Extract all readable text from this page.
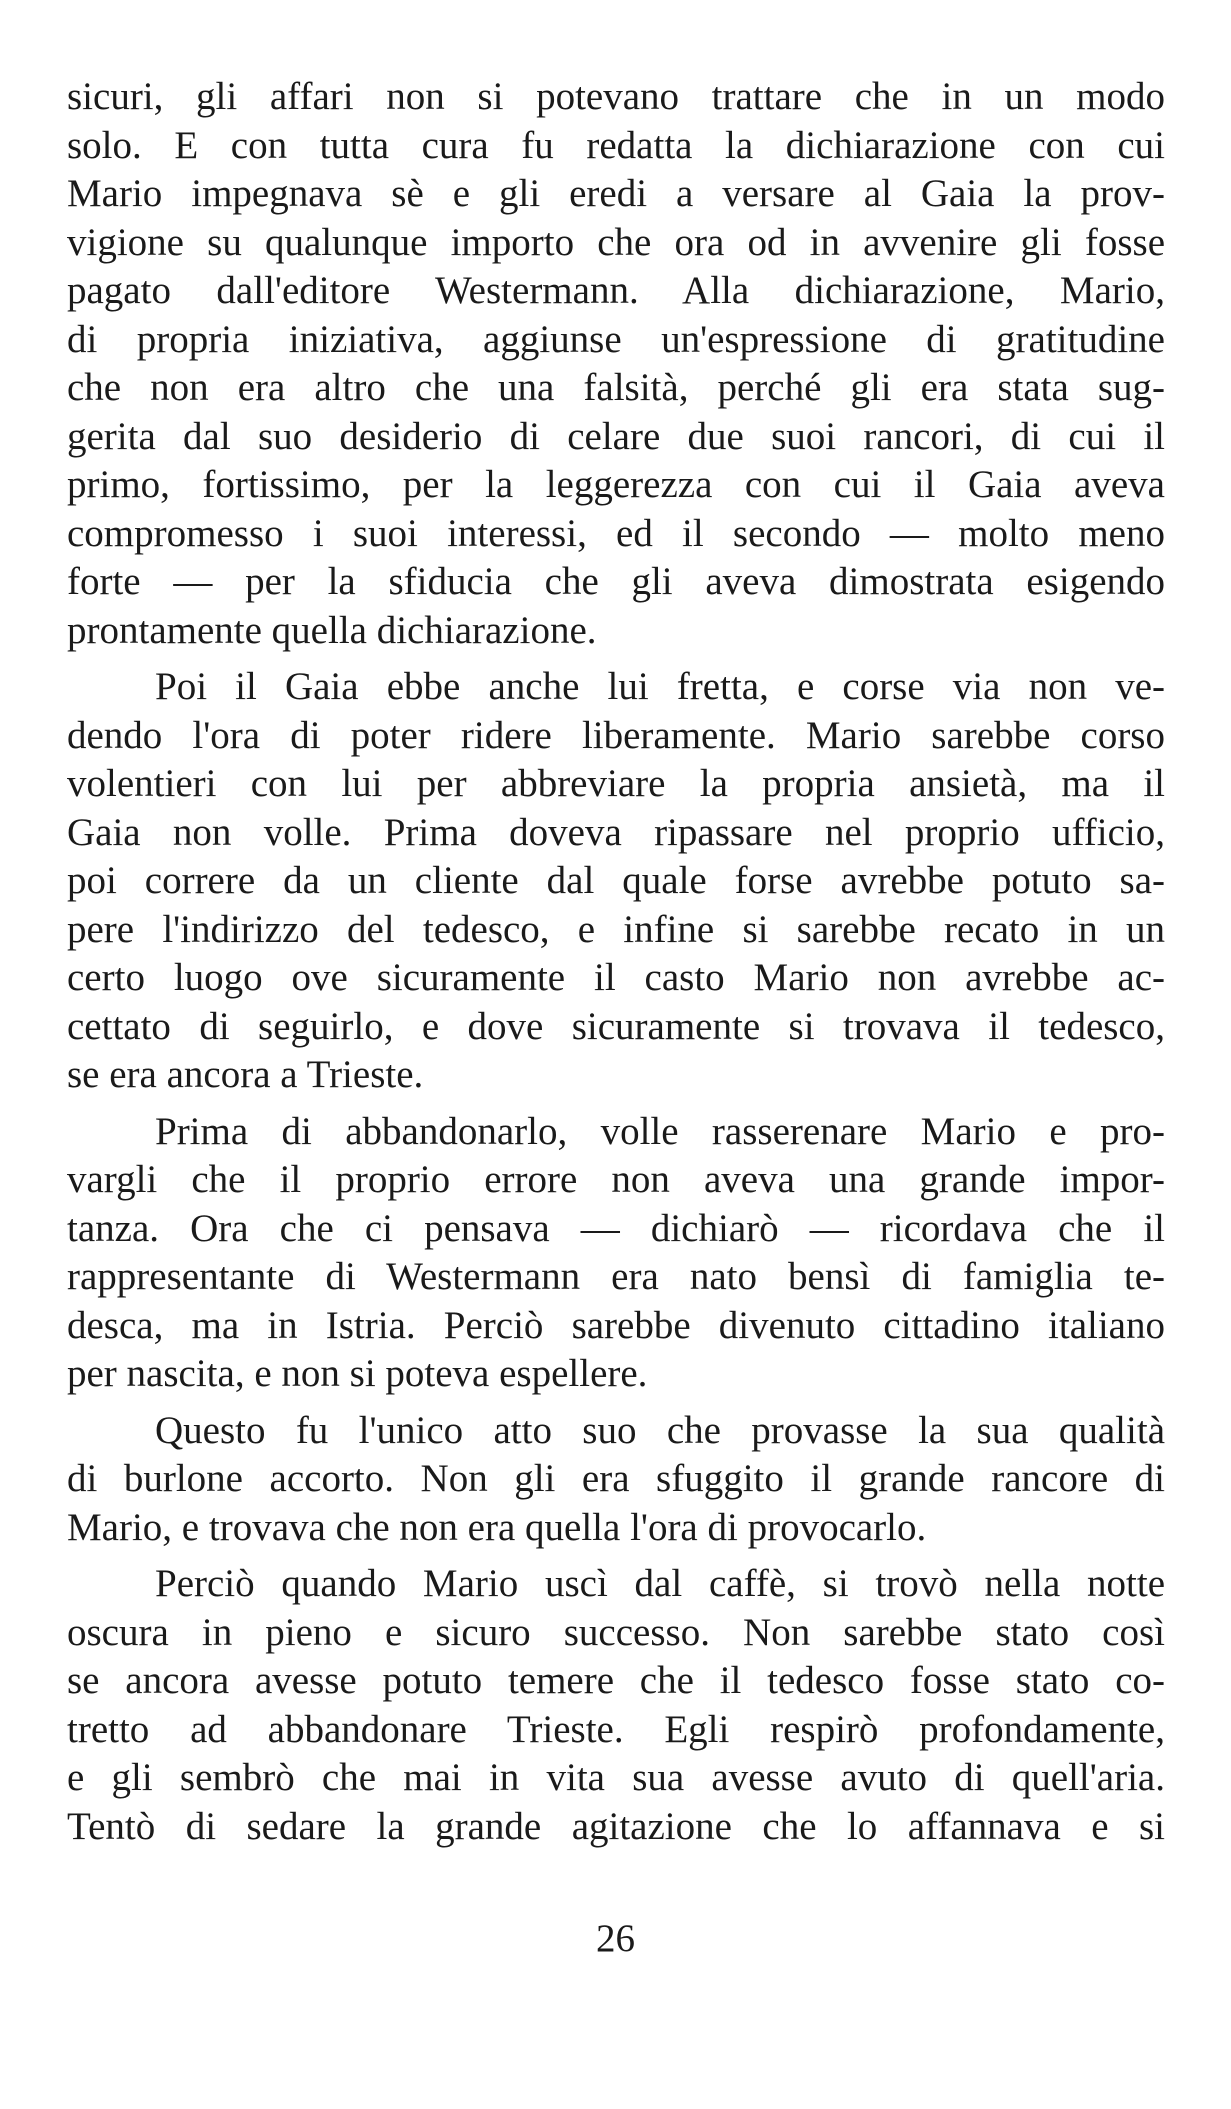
sicuri, gli affari non si potevano trattare che in un modo
solo. E con tutta cura fu redatta la dichiarazione con cui
Mario impegnava sè e gli eredi a versare al Gaia la prov-
vigione su qualunque importo che ora od in avvenire gli fosse
pagato dall'editore Westermann. Alla dichiarazione, Mario,
di propria iniziativa, aggiunse un'espressione di gratitudine
che non era altro che una falsità, perché gli era stata sug-
gerita dal suo desiderio di celare due suoi rancori, di cui il
primo, fortissimo, per la leggerezza con cui il Gaia aveva
compromesso i suoi interessi, ed il secondo — molto meno
forte — per la sfiducia che gli aveva dimostrata esigendo
prontamente quella dichiarazione.
Poi il Gaia ebbe anche lui fretta, e corse via non ve-
dendo l'ora di poter ridere liberamente. Mario sarebbe corso
volentieri con lui per abbreviare la propria ansietà, ma il
Gaia non volle. Prima doveva ripassare nel proprio ufficio,
poi correre da un cliente dal quale forse avrebbe potuto sa-
pere l'indirizzo del tedesco, e infine si sarebbe recato in un
certo luogo ove sicuramente il casto Mario non avrebbe ac-
cettato di seguirlo, e dove sicuramente si trovava il tedesco,
se era ancora a Trieste.
Prima di abbandonarlo, volle rasserenare Mario e pro-
vargli che il proprio errore non aveva una grande impor-
tanza. Ora che ci pensava — dichiarò — ricordava che il
rappresentante di Westermann era nato bensì di famiglia te-
desca, ma in Istria. Perciò sarebbe divenuto cittadino italiano
per nascita, e non si poteva espellere.
Questo fu l'unico atto suo che provasse la sua qualità
di burlone accorto. Non gli era sfuggito il grande rancore di
Mario, e trovava che non era quella l'ora di provocarlo.
Perciò quando Mario uscì dal caffè, si trovò nella notte
oscura in pieno e sicuro successo. Non sarebbe stato così
se ancora avesse potuto temere che il tedesco fosse stato co-
tretto ad abbandonare Trieste. Egli respirò profondamente,
e gli sembrò che mai in vita sua avesse avuto di quell'aria.
Tentò di sedare la grande agitazione che lo affannava e si
26
